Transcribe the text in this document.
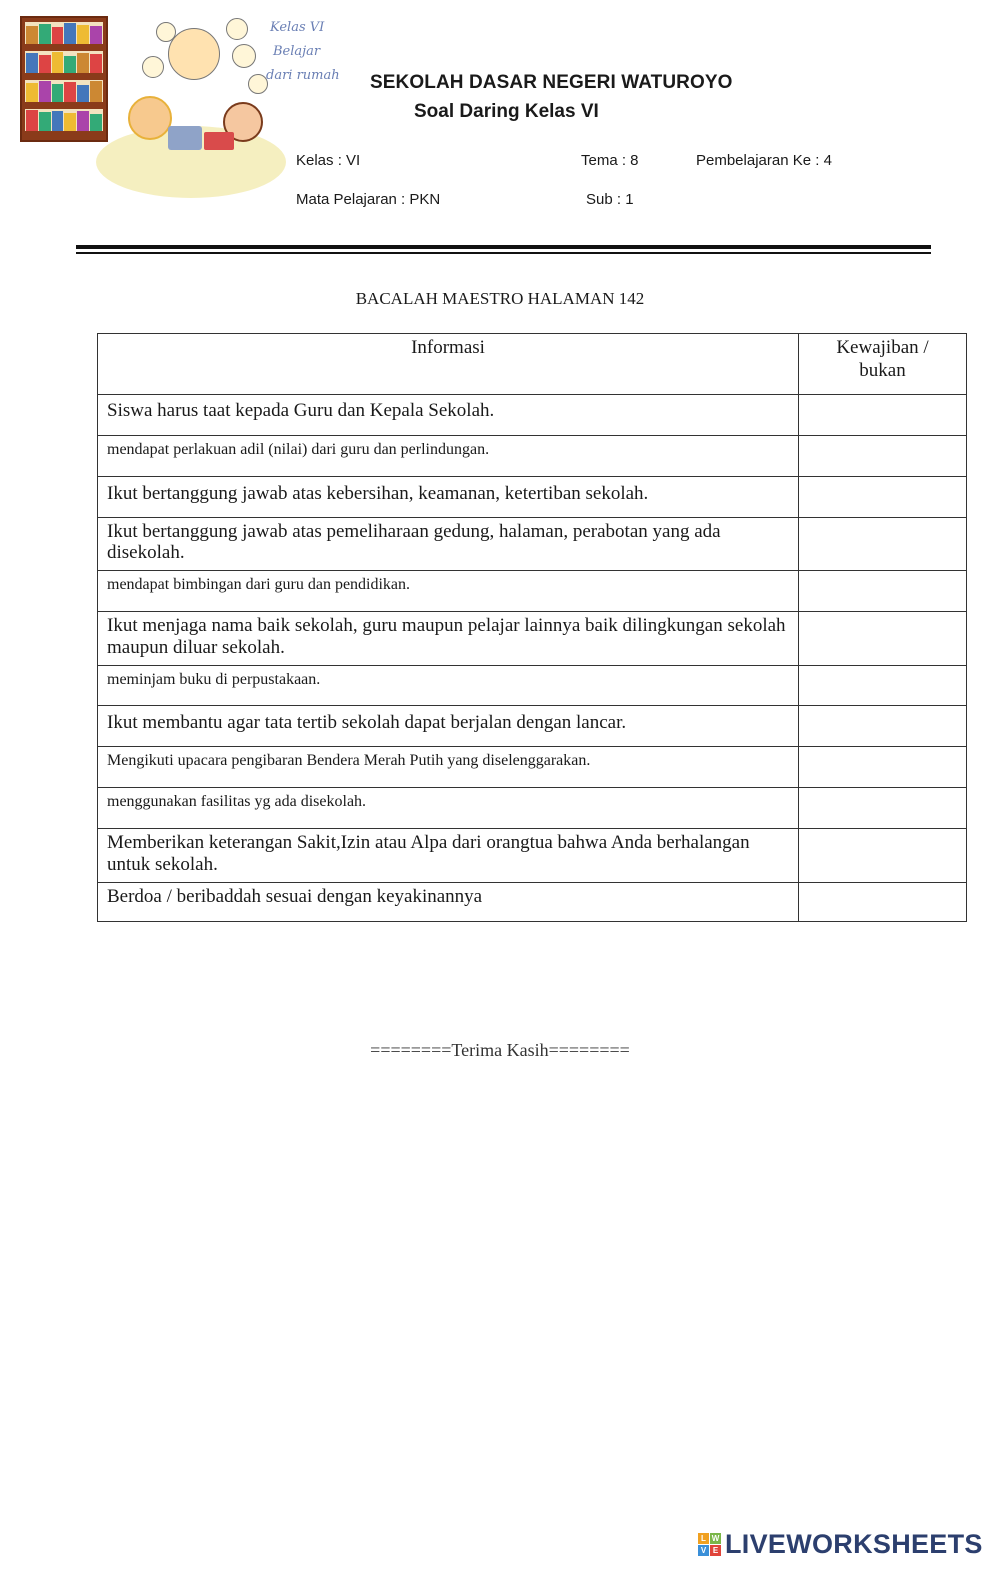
Kelas VI
Belajar
dari rumah SEKOLAH DASAR NEGERI WATUROYO
Soal Daring Kelas VI
Kelas : VI	Tema : 8	Pembelajaran Ke : 4
Mata Pelajaran : PKN	Sub : 1
BACALAH MAESTRO HALAMAN 142
Informasi	Kewajiban / bukan

Siswa harus taat kepada Guru dan Kepala Sekolah.	
mendapat perlakuan adil (nilai) dari guru dan perlindungan.	
Ikut bertanggung jawab atas kebersihan, keamanan, ketertiban sekolah.	
Ikut bertanggung jawab atas pemeliharaan gedung, halaman, perabotan yang ada disekolah.	
mendapat bimbingan dari guru dan pendidikan.	
Ikut menjaga nama baik sekolah, guru maupun pelajar lainnya baik dilingkungan sekolah maupun diluar sekolah.	
meminjam buku di perpustakaan.	
Ikut membantu agar tata tertib sekolah dapat berjalan dengan lancar.	
Mengikuti upacara pengibaran Bendera Merah Putih yang diselenggarakan.	
menggunakan fasilitas yg ada disekolah.	
Memberikan keterangan Sakit,Izin atau Alpa dari orangtua bahwa Anda berhalangan untuk sekolah.	
Berdoa / beribaddah sesuai dengan keyakinannya	
========Terima Kasih========
L W
V E LIVEWORKSHEETS
